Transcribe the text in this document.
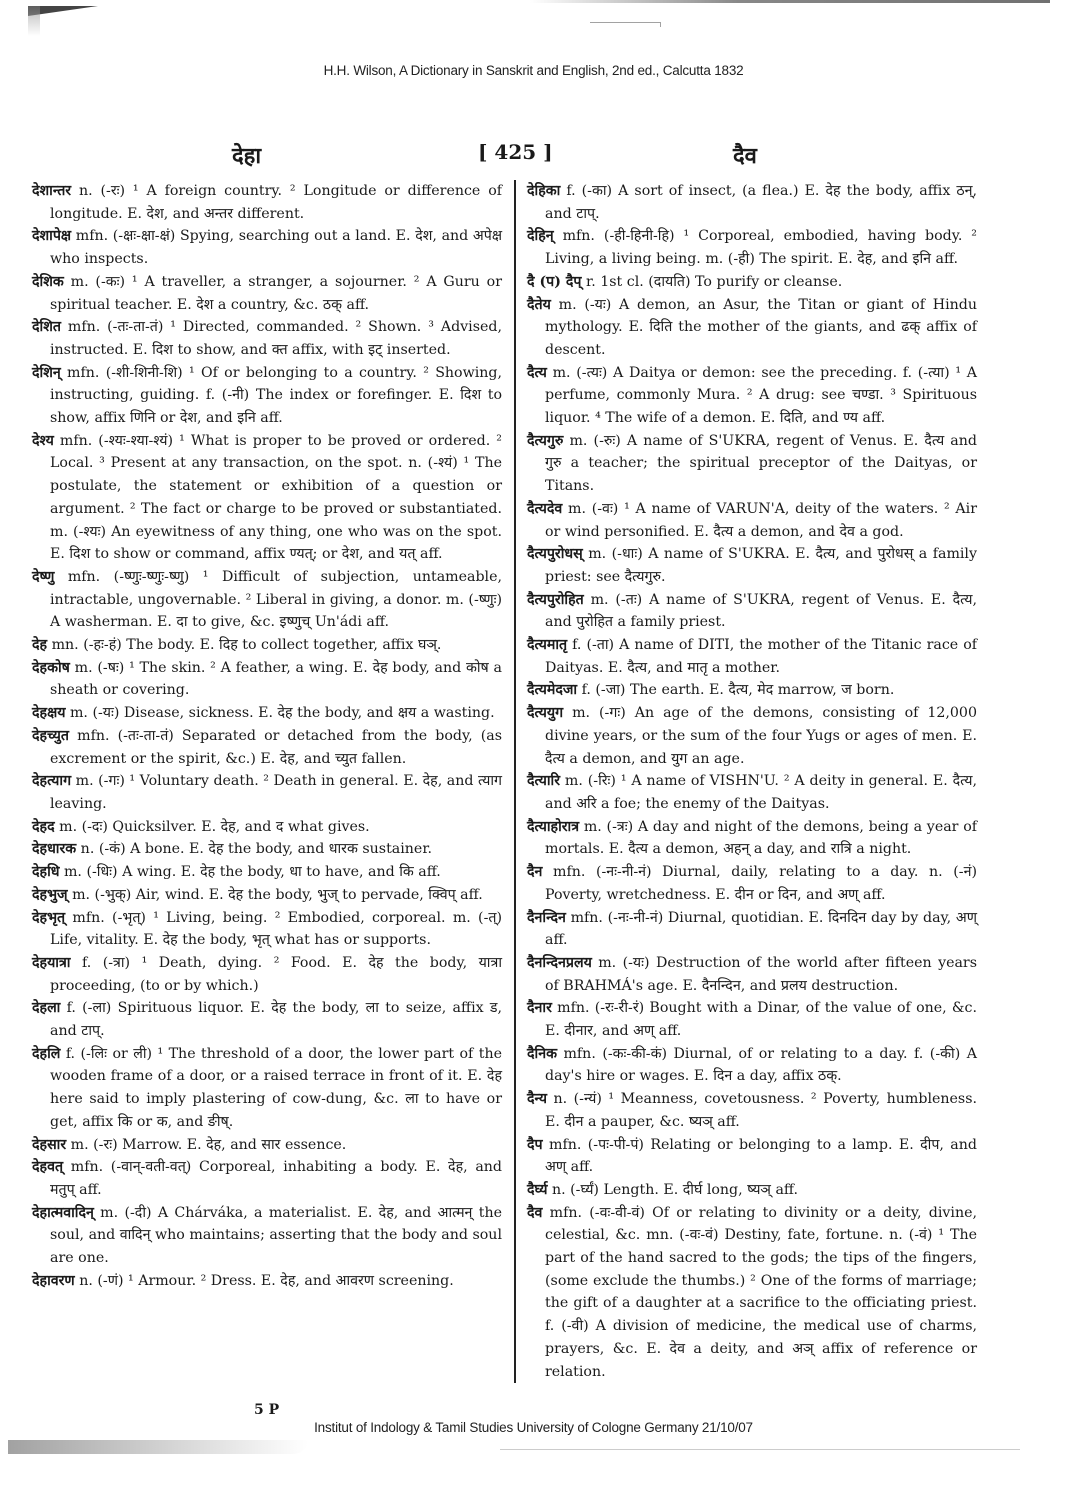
H.H. Wilson, A Dictionary in Sanskrit and English, 2nd ed., Calcutta 1832
देहा	[ 425 ]	दैव

देशान्तर n. (-रः) ¹ A foreign country. ² Longitude or difference of longitude. E. देश, and अन्तर different.

देशापेक्ष mfn. (-क्षः-क्षा-क्षं) Spying, searching out a land. E. देश, and अपेक्ष who inspects.

देशिक m. (-कः) ¹ A traveller, a stranger, a sojourner. ² A Guru or spiritual teacher. E. देश a country, &c. ठक् aff.

देशित mfn. (-तः-ता-तं) ¹ Directed, commanded. ² Shown. ³ Advised, instructed. E. दिश to show, and क्त affix, with इट् inserted.

देशिन् mfn. (-शी-शिनी-शि) ¹ Of or belonging to a country. ² Showing, instructing, guiding. f. (-नी) The index or forefinger. E. दिश to show, affix णिनि or देश, and इनि aff.

देश्य mfn. (-श्यः-श्या-श्यं) ¹ What is proper to be proved or ordered. ² Local. ³ Present at any transaction, on the spot. n. (-श्यं) ¹ The postulate, the statement or exhibition of a question or argument. ² The fact or charge to be proved or substantiated. m. (-श्यः) An eyewitness of any thing, one who was on the spot. E. दिश to show or command, affix ण्यत्; or देश, and यत् aff.

देष्णु mfn. (-ष्णुः-ष्णुः-ष्णु) ¹ Difficult of subjection, untameable, intractable, ungovernable. ² Liberal in giving, a donor. m. (-ष्णुः) A washerman. E. दा to give, &c. इष्णुच् Un'ádi aff.

देह mn. (-हः-हं) The body. E. दिह to collect together, affix घञ्.

देहकोष m. (-षः) ¹ The skin. ² A feather, a wing. E. देह body, and कोष a sheath or covering.

देहक्षय m. (-यः) Disease, sickness. E. देह the body, and क्षय a wasting.

देहच्युत mfn. (-तः-ता-तं) Separated or detached from the body, (as excrement or the spirit, &c.) E. देह, and च्युत fallen.

देहत्याग m. (-गः) ¹ Voluntary death. ² Death in general. E. देह, and त्याग leaving.

देहद m. (-दः) Quicksilver. E. देह, and द what gives.

देहधारक n. (-कं) A bone. E. देह the body, and धारक sustainer.

देहधि m. (-धिः) A wing. E. देह the body, धा to have, and कि aff.

देहभुज् m. (-भुक्) Air, wind. E. देह the body, भुज् to pervade, क्विप् aff.

देहभृत् mfn. (-भृत्) ¹ Living, being. ² Embodied, corporeal. m. (-त्) Life, vitality. E. देह the body, भृत् what has or supports.

देहयात्रा f. (-त्रा) ¹ Death, dying. ² Food. E. देह the body, यात्रा proceeding, (to or by which.)

देहला f. (-ला) Spirituous liquor. E. देह the body, ला to seize, affix ड, and टाप्.

देहलि f. (-लिः or ली) ¹ The threshold of a door, the lower part of the wooden frame of a door, or a raised terrace in front of it. E. देह here said to imply plastering of cow-dung, &c. ला to have or get, affix कि or क, and ङीष्.

देहसार m. (-रः) Marrow. E. देह, and सार essence.

देहवत् mfn. (-वान्-वती-वत्) Corporeal, inhabiting a body. E. देह, and मतुप् aff.

देहात्मवादिन् m. (-दी) A Chárváka, a materialist. E. देह, and आत्मन् the soul, and वादिन् who maintains; asserting that the body and soul are one.

देहावरण n. (-णं) ¹ Armour. ² Dress. E. देह, and आवरण screening.

देहिका f. (-का) A sort of insect, (a flea.) E. देह the body, affix ठन्, and टाप्.

देहिन् mfn. (-ही-हिनी-हि) ¹ Corporeal, embodied, having body. ² Living, a living being. m. (-ही) The spirit. E. देह, and इनि aff.

दै (प) दैप् r. 1st cl. (दायति) To purify or cleanse.

दैतेय m. (-यः) A demon, an Asur, the Titan or giant of Hindu mythology. E. दिति the mother of the giants, and ढक् affix of descent.

दैत्य m. (-त्यः) A Daitya or demon: see the preceding. f. (-त्या) ¹ A perfume, commonly Mura. ² A drug: see चण्डा. ³ Spirituous liquor. ⁴ The wife of a demon. E. दिति, and ण्य aff.

दैत्यगुरु m. (-रुः) A name of S'UKRA, regent of Venus. E. दैत्य and गुरु a teacher; the spiritual preceptor of the Daityas, or Titans.

दैत्यदेव m. (-वः) ¹ A name of VARUN'A, deity of the waters. ² Air or wind personified. E. दैत्य a demon, and देव a god.

दैत्यपुरोधस् m. (-धाः) A name of S'UKRA. E. दैत्य, and पुरोधस् a family priest: see दैत्यगुरु.

दैत्यपुरोहित m. (-तः) A name of S'UKRA, regent of Venus. E. दैत्य, and पुरोहित a family priest.

दैत्यमातृ f. (-ता) A name of DITI, the mother of the Titanic race of Daityas. E. दैत्य, and मातृ a mother.

दैत्यमेदजा f. (-जा) The earth. E. दैत्य, मेद marrow, ज born.

दैत्ययुग m. (-गः) An age of the demons, consisting of 12,000 divine years, or the sum of the four Yugs or ages of men. E. दैत्य a demon, and युग an age.

दैत्यारि m. (-रिः) ¹ A name of VISHN'U. ² A deity in general. E. दैत्य, and अरि a foe; the enemy of the Daityas.

दैत्याहोरात्र m. (-त्रः) A day and night of the demons, being a year of mortals. E. दैत्य a demon, अहन् a day, and रात्रि a night.

दैन mfn. (-नः-नी-नं) Diurnal, daily, relating to a day. n. (-नं) Poverty, wretchedness. E. दीन or दिन, and अण् aff.

दैनन्दिन mfn. (-नः-नी-नं) Diurnal, quotidian. E. दिनदिन day by day, अण् aff.

दैनन्दिनप्रलय m. (-यः) Destruction of the world after fifteen years of BRAHMÁ's age. E. दैनन्दिन, and प्रलय destruction.

दैनार mfn. (-रः-री-रं) Bought with a Dinar, of the value of one, &c. E. दीनार, and अण् aff.

दैनिक mfn. (-कः-की-कं) Diurnal, of or relating to a day. f. (-की) A day's hire or wages. E. दिन a day, affix ठक्.

दैन्य n. (-न्यं) ¹ Meanness, covetousness. ² Poverty, humbleness. E. दीन a pauper, &c. ष्यञ् aff.

दैप mfn. (-पः-पी-पं) Relating or belonging to a lamp. E. दीप, and अण् aff.

दैर्घ्य n. (-र्घ्यं) Length. E. दीर्घ long, ष्यञ् aff.

दैव mfn. (-वः-वी-वं) Of or relating to divinity or a deity, divine, celestial, &c. mn. (-वः-वं) Destiny, fate, fortune. n. (-वं) ¹ The part of the hand sacred to the gods; the tips of the fingers, (some exclude the thumbs.) ² One of the forms of marriage; the gift of a daughter at a sacrifice to the officiating priest. f. (-वी) A division of medicine, the medical use of charms, prayers, &c. E. देव a deity, and अञ् affix of reference or relation.

5 P
Institut of Indology & Tamil Studies University of Cologne Germany 21/10/07
